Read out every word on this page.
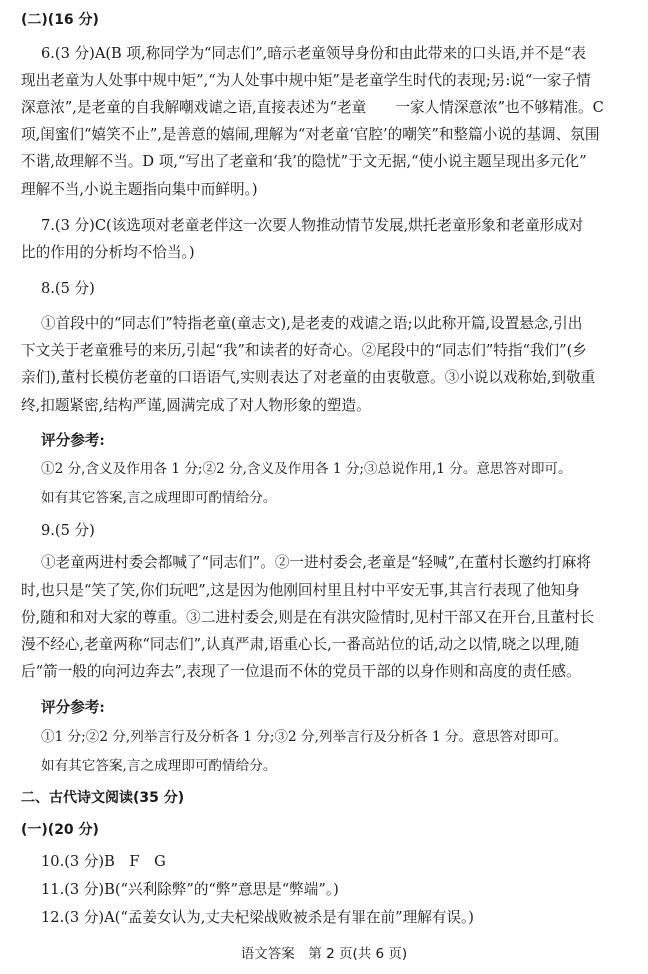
(二)(16 分)
6.(3 分)A(B 项,称同学为“同志们”,暗示老童领导身份和由此带来的口头语,并不是“表
现出老童为人处事中规中矩”,“为人处事中规中矩”是老童学生时代的表现;另:说“一家子情
深意浓”,是老童的自我解嘲戏谑之语,直接表述为“老童　　一家人情深意浓”也不够精准。C
项,闺蜜们“嬉笑不止”,是善意的嬉闹,理解为“对老童‘官腔’的嘲笑”和整篇小说的基调、氛围
不谐,故理解不当。D 项,“写出了老童和‘我’的隐忧”于文无据,“使小说主题呈现出多元化”
理解不当,小说主题指向集中而鲜明。)
7.(3 分)C(该选项对老童老伴这一次要人物推动情节发展,烘托老童形象和老童形成对
比的作用的分析均不恰当。)
8.(5 分)
①首段中的“同志们”特指老童(童志文),是老麦的戏谑之语;以此称开篇,设置悬念,引出
下文关于老童雅号的来历,引起“我”和读者的好奇心。②尾段中的“同志们”特指“我们”(乡
亲们),董村长模仿老童的口语语气,实则表达了对老童的由衷敬意。③小说以戏称始,到敬重
终,扣题紧密,结构严谨,圆满完成了对人物形象的塑造。
评分参考:
①2 分,含义及作用各 1 分;②2 分,含义及作用各 1 分;③总说作用,1 分。意思答对即可。
如有其它答案,言之成理即可酌情给分。
9.(5 分)
①老童两进村委会都喊了“同志们”。②一进村委会,老童是“轻喊”,在董村长邀约打麻将
时,也只是“笑了笑,你们玩吧”,这是因为他刚回村里且村中平安无事,其言行表现了他知身
份,随和和对大家的尊重。③二进村委会,则是在有洪灾险情时,见村干部又在开台,且董村长
漫不经心,老童两称“同志们”,认真严肃,语重心长,一番高站位的话,动之以情,晓之以理,随
后“箭一般的向河边奔去”,表现了一位退而不休的党员干部的以身作则和高度的责任感。
评分参考:
①1 分;②2 分,列举言行及分析各 1 分;③2 分,列举言行及分析各 1 分。意思答对即可。
如有其它答案,言之成理即可酌情给分。
二、古代诗文阅读(35 分)
(一)(20 分)
10.(3 分)B　F　G
11.(3 分)B(“兴利除弊”的“弊”意思是“弊端”。)
12.(3 分)A(“孟姜女认为,丈夫杞梁战败被杀是有罪在前”理解有误。)
语文答案　第 2 页(共 6 页)
